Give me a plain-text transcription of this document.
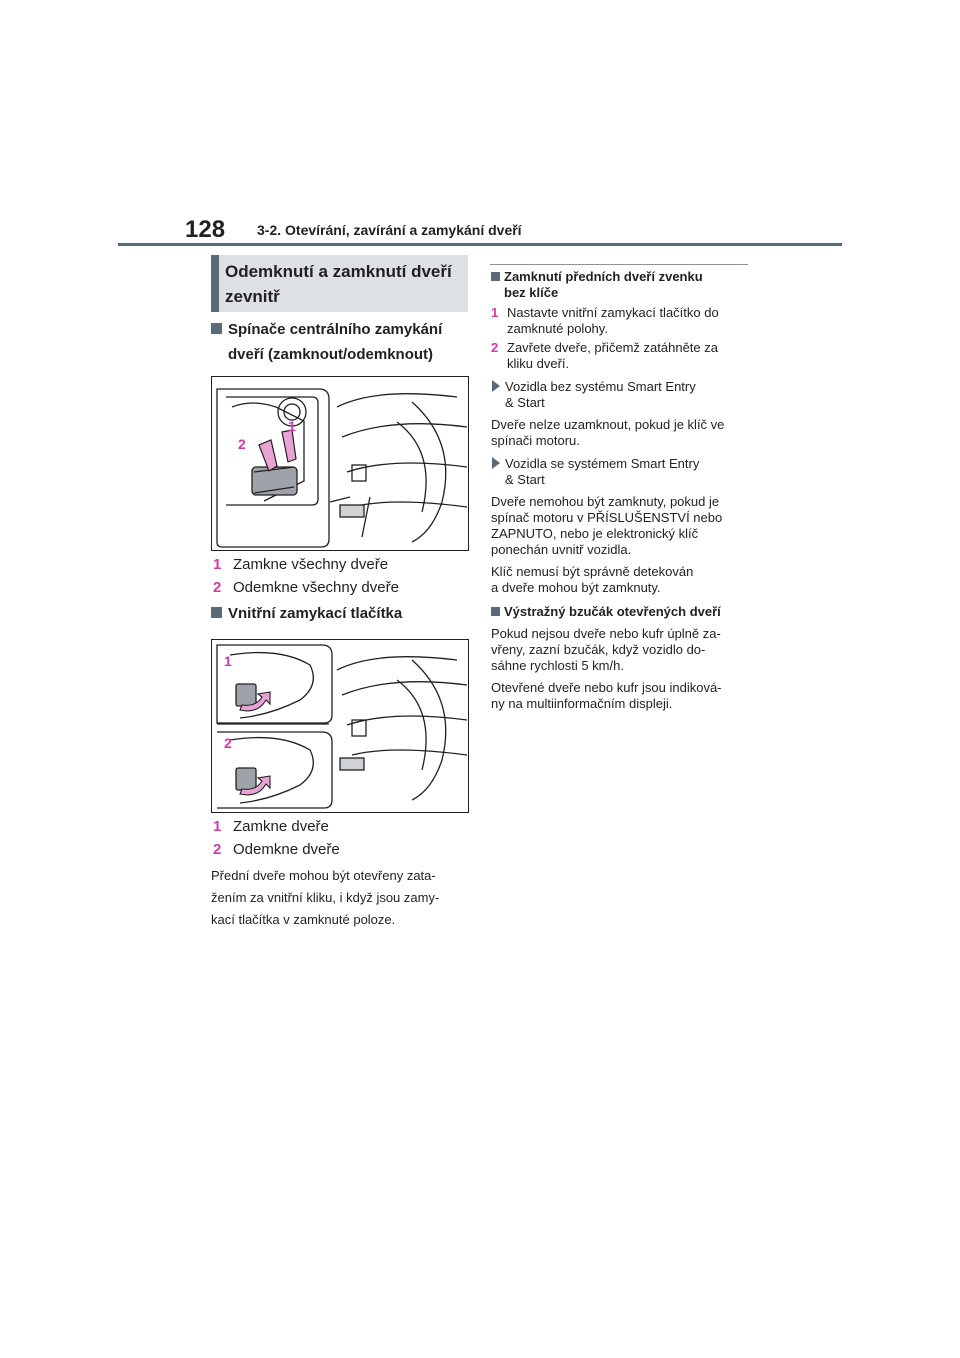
128 3-2. Otevírání, zavírání a zamykání dveří
Odemknutí a zamknutí dveří
zevnitř
Spínače centrálního zamykání
dveří (zamknout/odemknout)
2
1
1 Zamkne všechny dveře
2 Odemkne všechny dveře
Vnitřní zamykací tlačítka
1
2
1 Zamkne dveře
2 Odemkne dveře
Přední dveře mohou být otevřeny zata-
žením za vnitřní kliku, i když jsou zamy-
kací tlačítka v zamknuté poloze.
Zamknutí předních dveří zvenku
bez klíče
1 Nastavte vnitřní zamykací tlačítko do
zamknuté polohy.
2 Zavřete dveře, přičemž zatáhněte za
kliku dveří.
Vozidla bez systému Smart Entry
& Start
Dveře nelze uzamknout, pokud je klíč ve
spínači motoru.
Vozidla se systémem Smart Entry
& Start
Dveře nemohou být zamknuty, pokud je
spínač motoru v PŘÍSLUŠENSTVÍ nebo
ZAPNUTO, nebo je elektronický klíč
ponechán uvnitř vozidla.
Klíč nemusí být správně detekován
a dveře mohou být zamknuty.
Výstražný bzučák otevřených dveří
Pokud nejsou dveře nebo kufr úplně za-
vřeny, zazní bzučák, když vozidlo do-
sáhne rychlosti 5 km/h.
Otevřené dveře nebo kufr jsou indiková-
ny na multiinformačním displeji.
